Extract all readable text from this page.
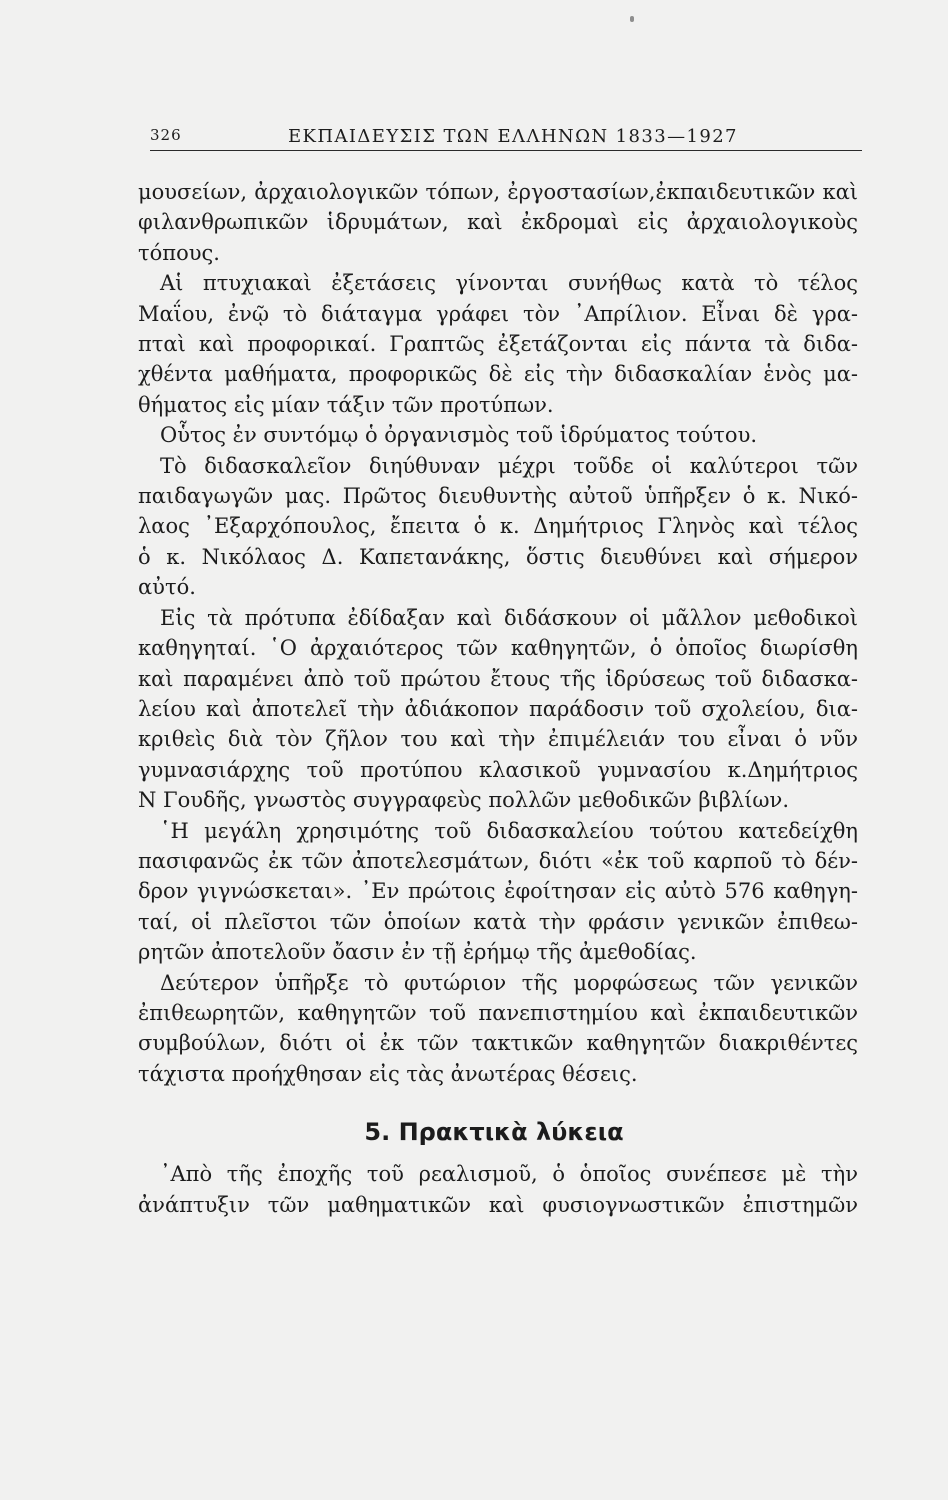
326	ΕΚΠΑΙΔΕΥΣΙΣ ΤΩΝ ΕΛΛΗΝΩΝ 1833—1927
μουσείων, ἀρχαιολογικῶν τόπων, ἐργοστασίων,ἐκπαιδευτικῶν καὶ
φιλανθρωπικῶν ἱδρυμάτων, καὶ ἐκδρομαὶ εἰς ἀρχαιολογικοὺς
τόπους.
Αἱ πτυχιακαὶ ἐξετάσεις γίνονται συνήθως κατὰ τὸ τέλος
Μαΐου, ἐνῷ τὸ διάταγμα γράφει τὸν ᾿Απρίλιον. Εἶναι δὲ γρα-
πταὶ καὶ προφορικαί. Γραπτῶς ἐξετάζονται εἰς πάντα τὰ διδα-
χθέντα μαθήματα, προφορικῶς δὲ εἰς τὴν διδασκαλίαν ἑνὸς μα-
θήματος εἰς μίαν τάξιν τῶν προτύπων.
Οὗτος ἐν συντόμῳ ὁ ὀργανισμὸς τοῦ ἱδρύματος τούτου.
Τὸ διδασκαλεῖον διηύθυναν μέχρι τοῦδε οἱ καλύτεροι τῶν
παιδαγωγῶν μας. Πρῶτος διευθυντὴς αὐτοῦ ὑπῆρξεν ὁ κ. Νικό-
λαος ᾿Εξαρχόπουλος, ἔπειτα ὁ κ. Δημήτριος Γληνὸς καὶ τέλος
ὁ κ. Νικόλαος Δ. Καπετανάκης, ὅστις διευθύνει καὶ σήμερον
αὐτό.
Εἰς τὰ πρότυπα ἐδίδαξαν καὶ διδάσκουν οἱ μᾶλλον μεθοδικοὶ
καθηγηταί. ῾Ο ἀρχαιότερος τῶν καθηγητῶν, ὁ ὁποῖος διωρίσθη
καὶ παραμένει ἀπὸ τοῦ πρώτου ἔτους τῆς ἱδρύσεως τοῦ διδασκα-
λείου καὶ ἀποτελεῖ τὴν ἀδιάκοπον παράδοσιν τοῦ σχολείου, δια-
κριθεὶς διὰ τὸν ζῆλον του καὶ τὴν ἐπιμέλειάν του εἶναι ὁ νῦν
γυμνασιάρχης τοῦ προτύπου κλασικοῦ γυμνασίου κ.Δημήτριος
Ν Γουδῆς, γνωστὸς συγγραφεὺς πολλῶν μεθοδικῶν βιβλίων.
῾Η μεγάλη χρησιμότης τοῦ διδασκαλείου τούτου κατεδείχθη
πασιφανῶς ἐκ τῶν ἀποτελεσμάτων, διότι «ἐκ τοῦ καρποῦ τὸ δέν-
δρον γιγνώσκεται». ᾿Εν πρώτοις ἐφοίτησαν εἰς αὐτὸ 576 καθηγη-
ταί, οἱ πλεῖστοι τῶν ὁποίων κατὰ τὴν φράσιν γενικῶν ἐπιθεω-
ρητῶν ἀποτελοῦν ὄασιν ἐν τῇ ἐρήμῳ τῆς ἀμεθοδίας.
Δεύτερον ὑπῆρξε τὸ φυτώριον τῆς μορφώσεως τῶν γενικῶν
ἐπιθεωρητῶν, καθηγητῶν τοῦ πανεπιστημίου καὶ ἐκπαιδευτικῶν
συμβούλων, διότι οἱ ἐκ τῶν τακτικῶν καθηγητῶν διακριθέντες
τάχιστα προήχθησαν εἰς τὰς ἀνωτέρας θέσεις.
5. Πρακτικὰ λύκεια
᾿Απὸ τῆς ἐποχῆς τοῦ ρεαλισμοῦ, ὁ ὁποῖος συνέπεσε μὲ τὴν
ἀνάπτυξιν τῶν μαθηματικῶν καὶ φυσιογνωστικῶν ἐπιστημῶν
